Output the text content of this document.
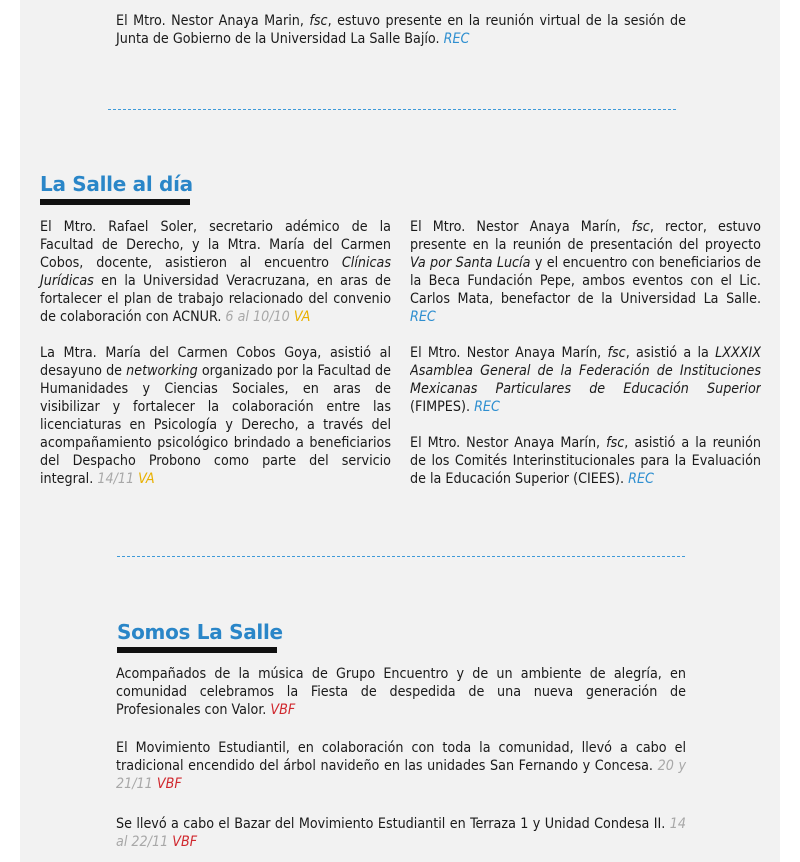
El Mtro. Nestor Anaya Marin, fsc, estuvo presente en la reunión virtual de la sesión de Junta de Gobierno de la Universidad La Salle Bajío. REC

La Salle al día

El Mtro. Rafael Soler, secretario adémico de la Facultad de Derecho, y la Mtra. María del Carmen Cobos, docente, asistieron al encuentro Clínicas Jurídicas en la Universidad Veracruzana, en aras de fortalecer el plan de trabajo relacionado del convenio de colaboración con ACNUR. 6 al 10/10 VA

La Mtra. María del Carmen Cobos Goya, asistió al desayuno de networking organizado por la Facultad de Humanidades y Ciencias Sociales, en aras de visibilizar y fortalecer la colaboración entre las licenciaturas en Psicología y Derecho, a través del acompañamiento psicológico brindado a beneficiarios del Despacho Probono como parte del servicio integral. 14/11 VA

El Mtro. Nestor Anaya Marín, fsc, rector, estuvo presente en la reunión de presentación del proyecto Va por Santa Lucía y el encuentro con beneficiarios de la Beca Fundación Pepe, ambos eventos con el Lic. Carlos Mata, benefactor de la Universidad La Salle. REC

El Mtro. Nestor Anaya Marín, fsc, asistió a la LXXXIX Asamblea General de la Federación de Instituciones Mexicanas Particulares de Educación Superior (FIMPES). REC

El Mtro. Nestor Anaya Marín, fsc, asistió a la reunión de los Comités Interinstitucionales para la Evaluación de la Educación Superior (CIEES). REC

Somos La Salle

Acompañados de la música de Grupo Encuentro y de un ambiente de alegría, en comunidad celebramos la Fiesta de despedida de una nueva generación de Profesionales con Valor. VBF

El Movimiento Estudiantil, en colaboración con toda la comunidad, llevó a cabo el tradicional encendido del árbol navideño en las unidades San Fernando y Concesa. 20 y 21/11 VBF

Se llevó a cabo el Bazar del Movimiento Estudiantil en Terraza 1 y Unidad Condesa II. 14 al 22/11 VBF
